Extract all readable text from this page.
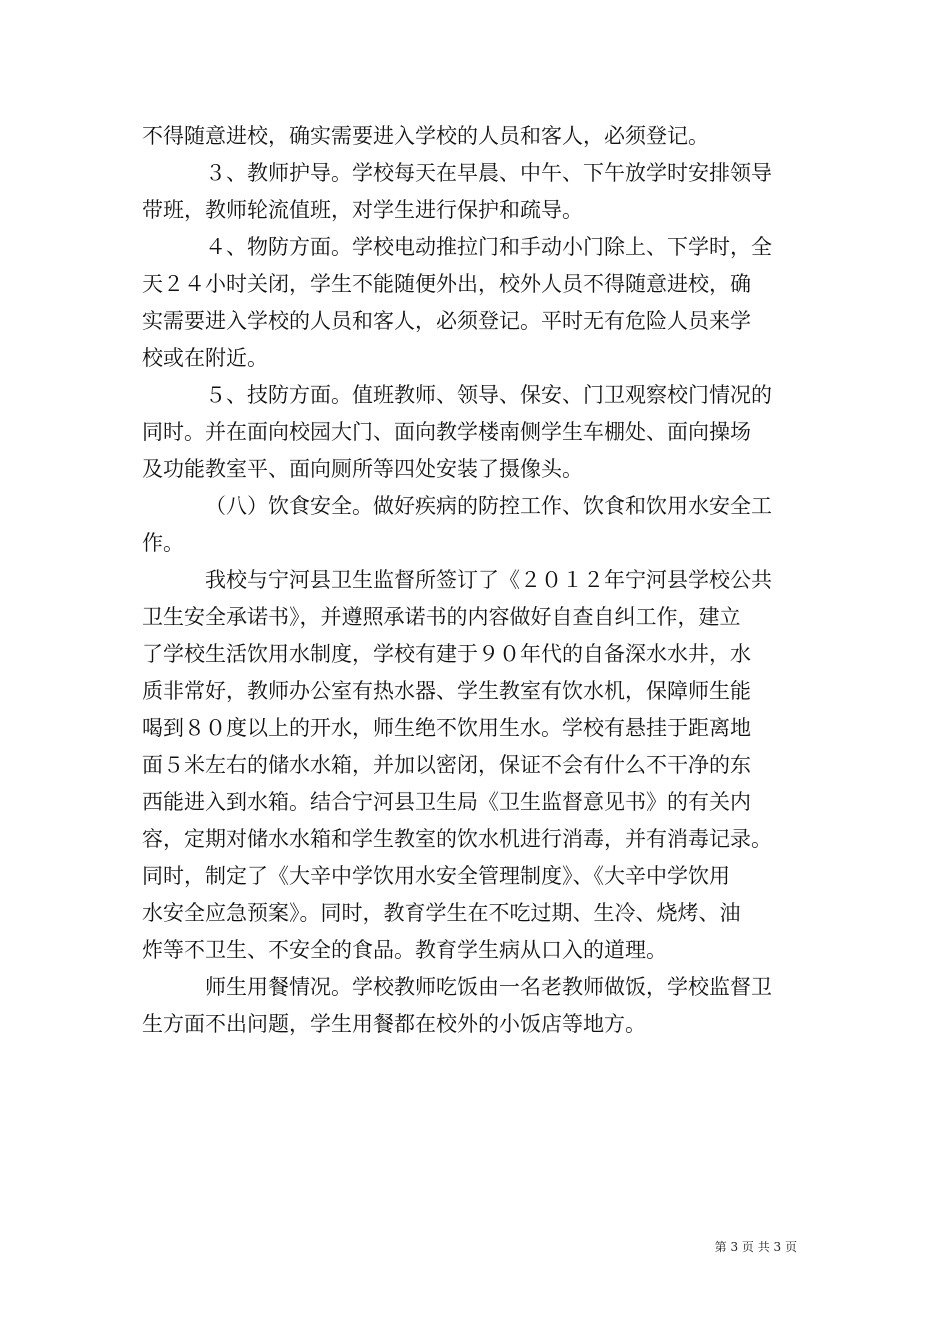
不得随意进校，确实需要进入学校的人员和客人，必须登记。
３、教师护导。学校每天在早晨、中午、下午放学时安排领导
带班，教师轮流值班，对学生进行保护和疏导。
４、物防方面。学校电动推拉门和手动小门除上、下学时，全
天２４小时关闭，学生不能随便外出，校外人员不得随意进校，确
实需要进入学校的人员和客人，必须登记。平时无有危险人员来学
校或在附近。
５、技防方面。值班教师、领导、保安、门卫观察校门情况的
同时。并在面向校园大门、面向教学楼南侧学生车棚处、面向操场
及功能教室平、面向厕所等四处安装了摄像头。
（八）饮食安全。做好疾病的防控工作、饮食和饮用水安全工
作。
我校与宁河县卫生监督所签订了《２０１２年宁河县学校公共
卫生安全承诺书》，并遵照承诺书的内容做好自查自纠工作，建立
了学校生活饮用水制度，学校有建于９０年代的自备深水水井，水
质非常好，教师办公室有热水器、学生教室有饮水机，保障师生能
喝到８０度以上的开水，师生绝不饮用生水。学校有悬挂于距离地
面５米左右的储水水箱，并加以密闭，保证不会有什么不干净的东
西能进入到水箱。结合宁河县卫生局《卫生监督意见书》的有关内
容，定期对储水水箱和学生教室的饮水机进行消毒，并有消毒记录。
同时，制定了《大辛中学饮用水安全管理制度》、《大辛中学饮用
水安全应急预案》。同时，教育学生在不吃过期、生冷、烧烤、油
炸等不卫生、不安全的食品。教育学生病从口入的道理。
师生用餐情况。学校教师吃饭由一名老教师做饭，学校监督卫
生方面不出问题，学生用餐都在校外的小饭店等地方。
第 3 页 共 3 页
